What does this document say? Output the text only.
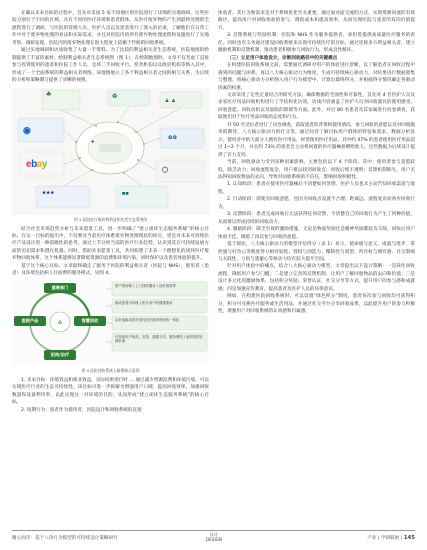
在确认未来目标的过程中，首先对美国 5 家不同地区的医院进行了详细的实地调研。这些医院分别位于不同的区域，具有不同的医疗环境和患者群体。从医疗废弃物的产生到最终处理的全流程进行了调研，与医院的管理人员、医护人员以及患者进行了深入的访谈，了解他们在日常工作中对于废弃物处理的看法和实际需求，并且对医院内的所有废弃物处理流程和设施进行了实地考察。调研发现，医院内的废弃物处理在很大程度上依赖于传统的回收系统。

通过实地调研和访谈收集了大量一手资料。为了比较的利益相关者生态系统，医院地图的绘制提供了丰富的素材。绘制利益相关者生态系统图（图 1），在绘制地图时，文章不仅考虑了直接参与投资使用的患者和医院工作人员，且将二手回收平台、慈善机构以及政府机构等纳入其中，形成了一个全面系统的利益相关者网络。该地图展示了各个利益相关者之间的相互关系，为后续的分析和策略制订提供了清晰的视图。

☘	♻
▲▲
◉
♻♻
ebay	◯
★★★	■■
✚
图 1 医院医疗废弃物利益相关者生态系统图

结合社会市场趋势分析与未来愿景工具，进一步明确了“建立闭环生态服务系统”的核心目标。在这一目标的提出中，不仅要对当前医疗体系废弃物处理现状的回应，更是对未来可持续医疗产品设计的一种前瞻性的思考。通过上节分析当前的医疗行业趋势，认识到其在可持续发展方面的迫切需求和潜在机遇。同时，借助未来愿景工具，共同构想了未来一个理想化的闭环医疗废弃物回收体系，这个体系能够显著降低资源的浪费和环境污染，同时保护以及患者体验的提升。

基于这个核心目标，文章最终确定了服务于医院的利益相关者（医院与 NHS），使用者（患者）及环境包括病人住宿费的服务模式，见图 4。

♻
慈善部门
医院产品	智慧回收
机构/治疗
资产的转移 / 上门回收服务 / 及时消毒等
推动患者可持续 / 医疗用户的健康需求
以价值驱动的开放性医疗废弃物回收一体化
可持续用户组织、宣传、数据分享、服务网络 / 组织性的长期价值
图 4 医院回收系统入路策略示意图

1. 未来目标：环境效益和商业效益，实际结果进行时 … 通过减少资源浪费和环境污染，可以实现医疗行业的生态可持续性。该目标可进一步拆解为增强用户口碑、提高回收效率、加强回收数量和设备利用率，以此实现这一对环境的目的。从而形成“建立闭环生态服务系统”的核心目标。

2. 短期行为：患者作为使用者，医院设计和回收系统的直接

体验者。其行为和需求是对于系统优化至关重要。通过面对面交流的方式，实现资源回流的有效路径，提高用户对回收体验的参与，降低成本和提高效率，从而实现医院与患者的双向价值提升。

3. 反馈系统与奖励机制：医院和 NHS 作为服务提供者，承担着提供高质量医疗服务的责任。同时也有义务通过建设回收系统来实现可持续医疗的目标。通过连接多方利益相关者，建立激励机制和反馈机制，推动患者积极参与回收行为，形成良性循环。

（三）立足用户体验设计，诊断回收路径中的关键痛点

在构建医院回收系统之前，需要通过调研对用户的体验进行诊断，以了解患者在回收过程中遇到的问题与困难。再以八大核心驱动力为维度，生成可持续核心驱动力，对结果进行数据收集与整理，将核心驱动力分析纳入用户行为模型中，计算出最终得分，并根据得分情况确定各驱动因素的权重。

文章采用了定性定量结合的研究方法，确保数据的全面性和可靠性。首先对 4 名医护人员及多家医疗用品回收机构进行了半结构化访谈，访谈内容涵盖了医护人员对回收器具的使用感受、回收意愿、回收动机以及面临的障碍等方面。此外，对近 80 名患者及其家属进行问卷调查，获取他们对于医疗用品回收的态度和行为。

对 50 名受访者进行了问卷调查，获取患者的背景和使用情况、参与回收的意愿以及对回收服务的期待，八大核心驱动力的打分等。通过问卷了解目标用户群体的特征和需求。数据分析显示，使用者中的大部分人拥有医疗用品，经常使用医疗用品，其中约 47% 的患者使用医疗用品超过 1~2 个月，并且约 73% 的患者会主动将闲置的医疗器械捐赠给他人。这些数据为后续设计提供了有力支持。

当前，回收驱动力受到多种因素影响，主要包括以下 4 个阶段。其中：使用者参与意愿较低，缺乏动力；回收流程复杂，用户难以找到回收点；回收后续不透明；反馈机制缺失，用户无法得知回收物品的去向，导致对回收系统的不信任，影响回收积极性。

1. 认知阶段：患者在使用医疗器械后不清楚如何处理，医护人员也未主动告知回收渠道与流程。

2. 行动阶段：即使有回收意愿，也因为回收点设置不合理、距离远、流程复杂而放弃回收行为。

3. 反馈阶段：患者完成回收后无法获得任何反馈，不清楚自己的回收行为产生了何种价值，从而难以形成持续的回收动力。

4. 激励阶段：缺乏有效的激励措施，无论是物质奖励还是精神奖励都较为欠缺，回收后用户体验不佳，降低了再次参与回收的意愿。

基于现状，八大核心驱动力的模型评估得分（表 1）显示，使命感与意义、成就与进步、掌控感与好奇心等维度得分相对较低；授权与创造力、稀缺性与渴望、所有权与拥有感、社交影响与关联性、亏损与逃避心等驱动力均有较大提升空间。

针对用户体验中的痛点，结合八大核心驱动力模型，文章提出以下设计策略：一是简化回收流程，降低用户参与门槛；二是建立完善的反馈机制，让用户了解回收物品的去向和价值；三是设计多元化的激励体系，包括积分奖励、荣誉认证、社交分享等方式，提升用户的参与感和成就感；四是加强宣传教育，提高患者及医护人员的环保意识。

例如，在构建医院回收系统时，可以设置“绿色积分”制度，患者每次参与回收均可获得积分，积分可兑换医疗服务或生活用品，并通过社交平台分享回收成果，以此提升用户的参与积极性，增强用户对回收系统的认同感和归属感。

精心而序：基于八角行为模型的可持续设计策略研究
设计
DESIGN	产业 | 学研联展 | 145
